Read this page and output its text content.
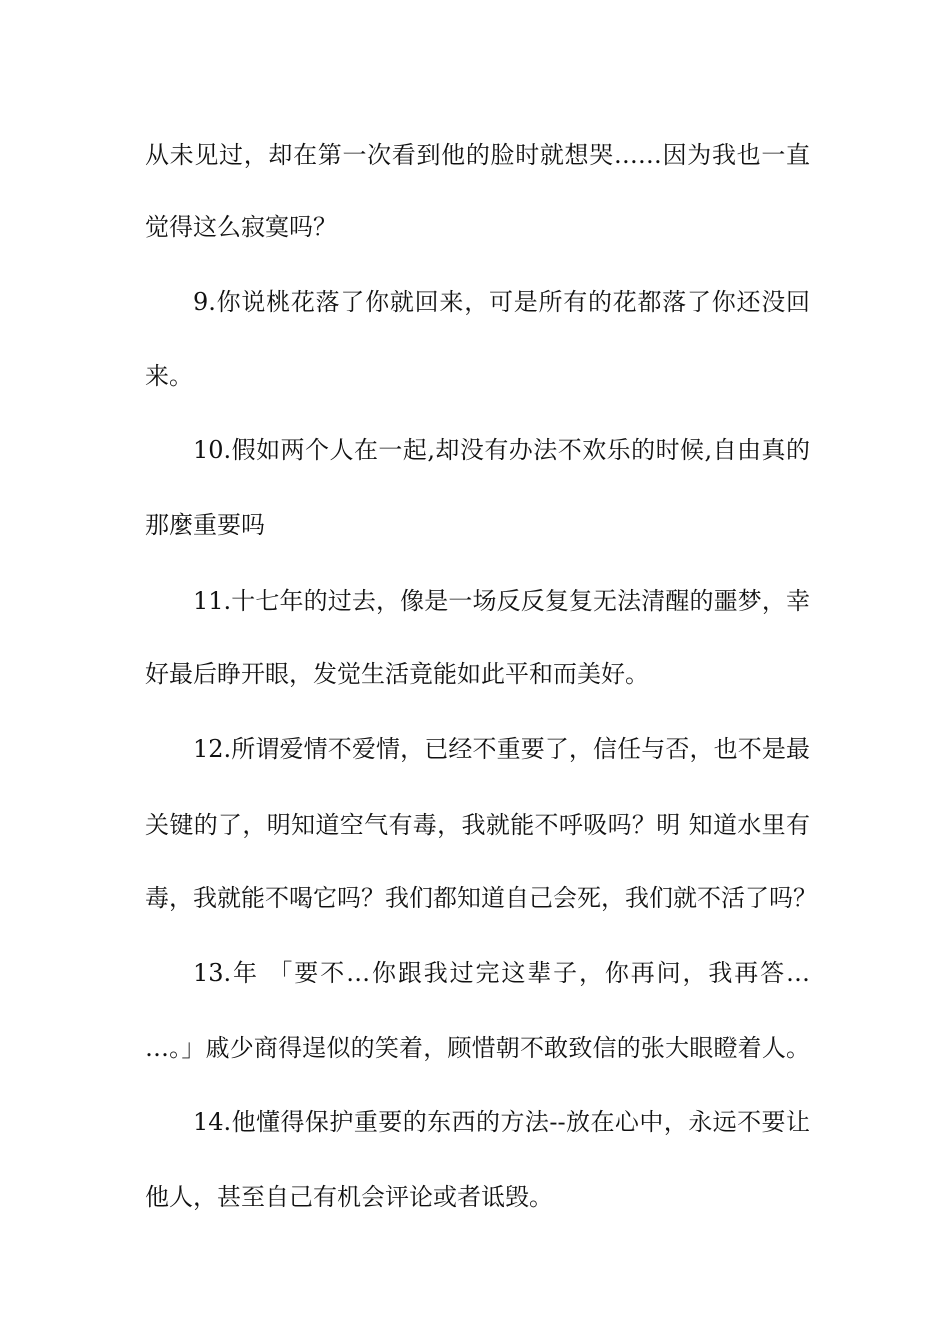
从未见过，却在第一次看到他的脸时就想哭……因为我也一直
觉得这么寂寞吗？
9.你说桃花落了你就回来，可是所有的花都落了你还没回
来。
10.假如两个人在一起,却没有办法不欢乐的时候,自由真的
那麼重要吗
11.十七年的过去，像是一场反反复复无法清醒的噩梦，幸
好最后睁开眼，发觉生活竟能如此平和而美好。
12.所谓爱情不爱情，已经不重要了，信任与否，也不是最
关键的了，明知道空气有毒，我就能不呼吸吗？明 知道水里有
毒，我就能不喝它吗？我们都知道自己会死，我们就不活了吗？
13.年 「要不…你跟我过完这辈子，你再问，我再答…
…。」戚少商得逞似的笑着，顾惜朝不敢致信的张大眼瞪着人。
14.他懂得保护重要的东西的方法--放在心中，永远不要让
他人，甚至自己有机会评论或者诋毁。
